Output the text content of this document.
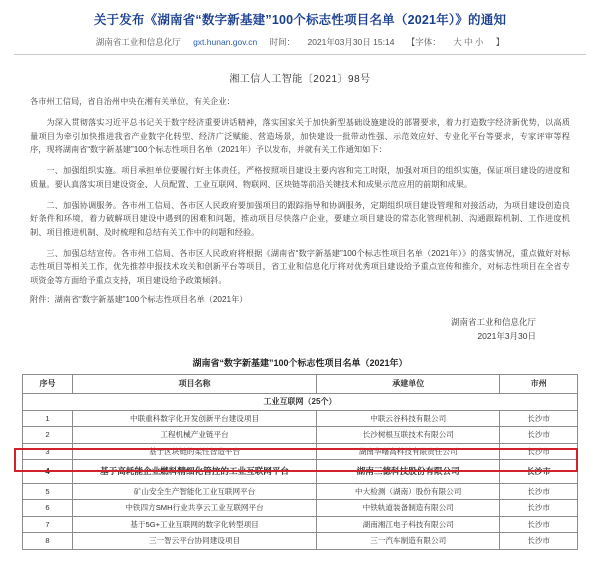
关于发布《湖南省“数字新基建”100个标志性项目名单（2021年）》的通知
湖南省工业和信息化厅 gxt.hunan.gov.cn 时间： 2021年03月30日 15:14 【字体： 大 中 小 】
湘工信人工智能〔2021〕98号

各市州工信局，省自治州中央在湘有关单位，有关企业：

为深入贯彻落实习近平总书记关于数字经济重要讲话精神，落实国家关于加快新型基础设施建设的部署要求，着力打造数字经济新优势，以高质量项目为牵引加快推进我省产业数字化转型、经济广泛赋能、营造场景，加快建设一批带动性强、示范效应好、专业化平台等要求，专家评审等程序，现将湖南省“数字新基建”100个标志性项目名单（2021年）予以发布，并就有关工作通知如下：

一、加强组织实施。项目承担单位要履行好主体责任，严格按照项目建设主要内容和完工时限，加强对项目的组织实施，保证项目建设的进度和质量。要认真落实项目建设资金、人员配置、工业互联网、物联网、区块链等前沿关键技术和成果示范应用的前期和成果。

二、加强协调服务。各市州工信局、各市区人民政府要加强项目的跟踪指导和协调服务，定期组织项目建设管理和对接活动，为项目建设创造良好条件和环境，着力破解项目建设中遇到的困难和问题，推动项目尽快落户企业，要建立项目建设的常态化管理机制、沟通跟踪机制、工作进度机制、项目推进机制、及时梳理和总结有关工作中的问题和经验。

三、加强总结宣传。各市州工信局、各市区人民政府将根据《湖南省“数字新基建”100个标志性项目名单（2021年）》的落实情况，重点做好对标志性项目等相关工作，优先推荐申报技术攻关和创新平台等项目，省工业和信息化厅将对优秀项目建设给予重点宣传和推介，对标志性项目在全省专项资金等方面给予重点支持，项目建设给予政策倾斜。

附件：湖南省“数字新基建”100个标志性项目名单（2021年）
湖南省工业和信息化厅
2021年3月30日
湖南省“数字新基建”100个标志性项目名单（2021年）
序号	项目名称	承建单位	市州
工业互联网（25个）			
1	中联重科数字化开发创新平台建设项目	中联云谷科技有限公司	长沙市
2	工程机械产业链平台	长沙树根互联技术有限公司	长沙市
3	基于区块链的柔性智造平台	湖南华曙高科技有限责任公司	长沙市
4	基于高耗能企业燃料精细化管控的工业互联网平台	湖南三德科技股份有限公司	长沙市
5	矿山安全生产智能化工业互联网平台	中大检测（湖南）股份有限公司	长沙市
6	中铁四方SMH行业共享云工业互联网平台	中铁轨道装备制造有限公司	长沙市
7	基于5G+工业互联网的数字化转型项目	湖南湘江电子科技有限公司	长沙市
8	三一智云平台协同建设项目	三一汽车制造有限公司	长沙市
